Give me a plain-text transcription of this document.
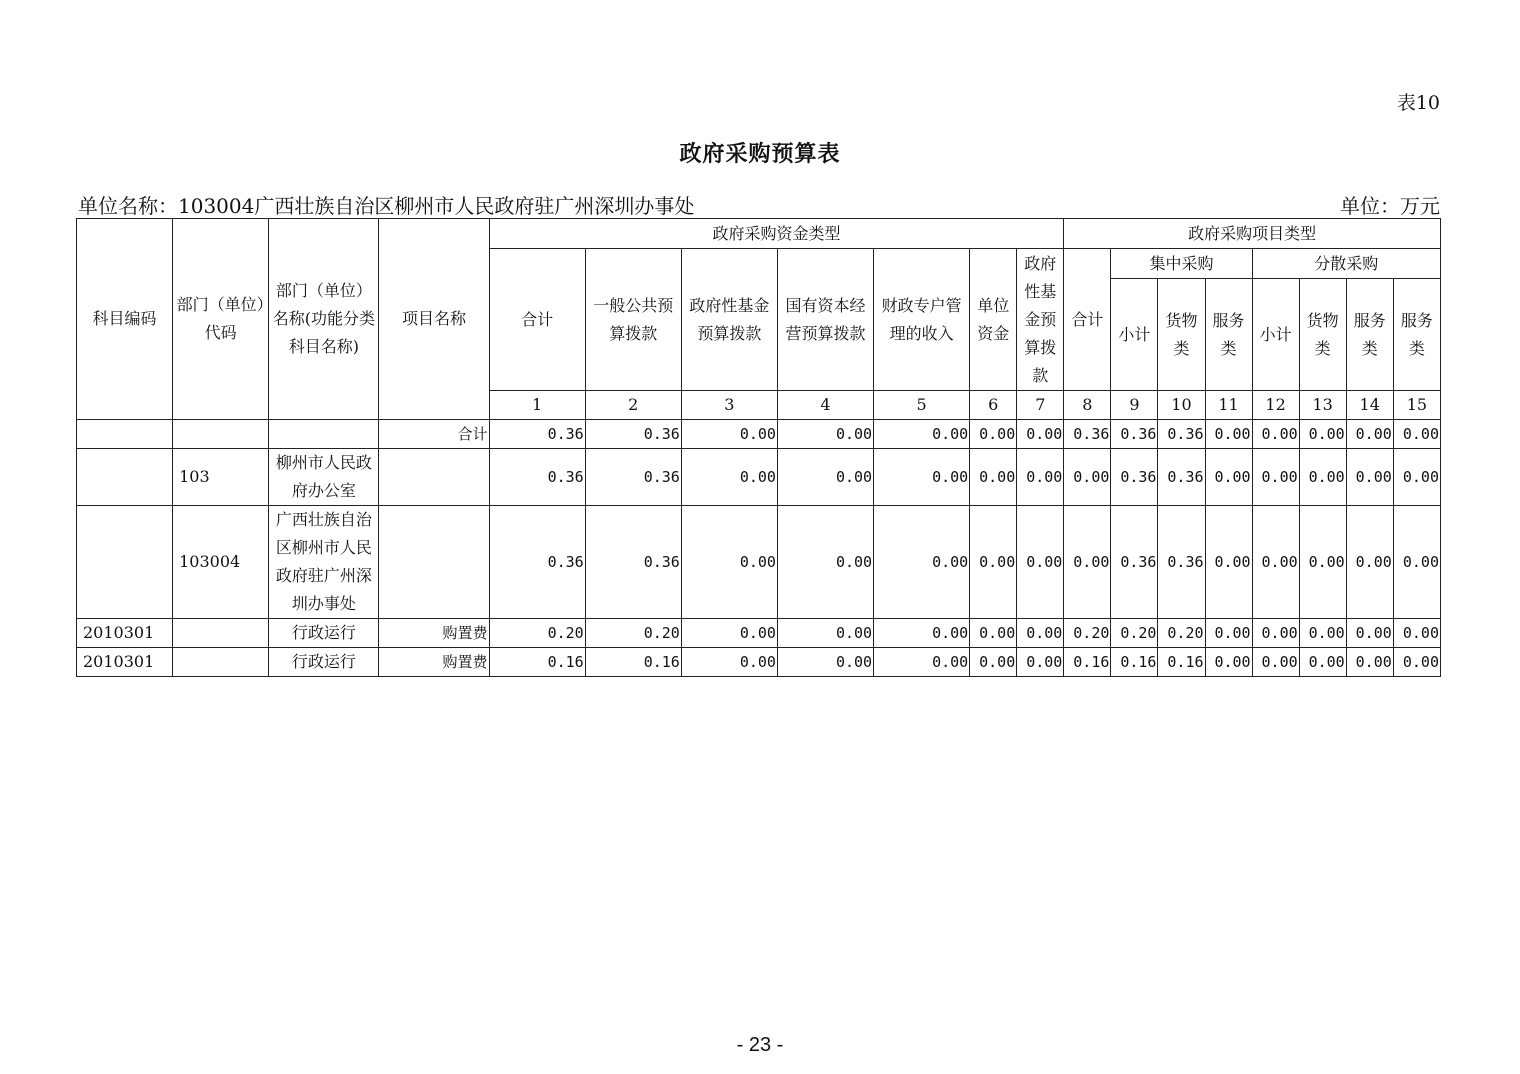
表10
政府采购预算表
单位名称：103004广西壮族自治区柳州市人民政府驻广州深圳办事处	单位：万元
科目编码	部门（单位）代码	部门（单位）名称(功能分类科目名称)	项目名称	政府采购资金类型							政府采购项目类型							
				合计	一般公共预算拨款	政府性基金预算拨款	国有资本经营预算拨款	财政专户管理的收入	单位资金	政府性基金预算拨款	合计	集中采购			分散采购			
												小计	货物类	服务类	小计	货物类	服务类	服务类
				1	2	3	4	5	6	7	8	9	10	11	12	13	14	15
			合计	0.36	0.36	0.00	0.00	0.00	0.00	0.00	0.36	0.36	0.36	0.00	0.00	0.00	0.00	0.00
	103	柳州市人民政府办公室		0.36	0.36	0.00	0.00	0.00	0.00	0.00	0.00	0.36	0.36	0.00	0.00	0.00	0.00	0.00
	103004	广西壮族自治区柳州市人民政府驻广州深圳办事处		0.36	0.36	0.00	0.00	0.00	0.00	0.00	0.00	0.36	0.36	0.00	0.00	0.00	0.00	0.00
2010301		行政运行	购置费	0.20	0.20	0.00	0.00	0.00	0.00	0.00	0.20	0.20	0.20	0.00	0.00	0.00	0.00	0.00
2010301		行政运行	购置费	0.16	0.16	0.00	0.00	0.00	0.00	0.00	0.16	0.16	0.16	0.00	0.00	0.00	0.00	0.00
- 23 -
